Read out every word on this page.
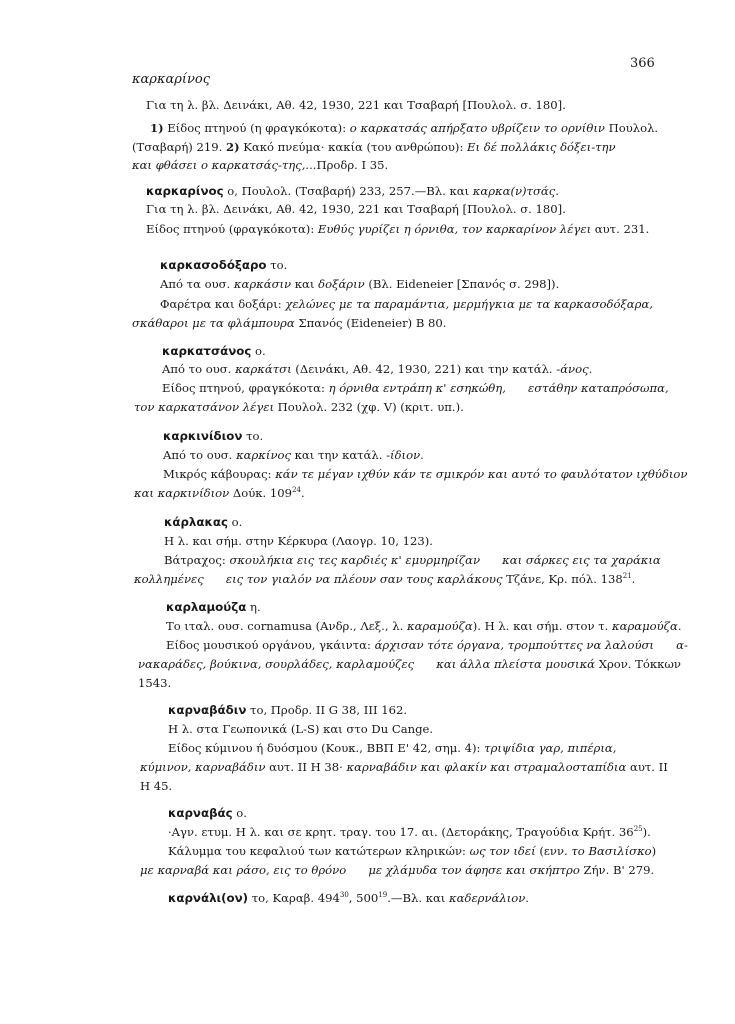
366
καρκαρίνος
Για τη λ. βλ. Δεινάκι, Αθ. 42, 1930, 221 και Τσαβαρή [Πουλολ. σ. 180].
1) Είδος πτηνού (η φραγκόκοτα): ο καρκατσάς απήρξατο υβρίζειν το ορνίθιν Πουλολ.
(Τσαβαρή) 219. 2) Κακό πνεύμα· κακία (του ανθρώπου): Ει δέ πολλάκις δόξει-την
και φθάσει ο καρκατσάς-της,...Προδρ. Ι 35.
καρκαρίνος ο, Πουλολ. (Τσαβαρή) 233, 257.—Βλ. και καρκα(ν)τσάς.
Για τη λ. βλ. Δεινάκι, Αθ. 42, 1930, 221 και Τσαβαρή [Πουλολ. σ. 180].
Είδος πτηνού (φραγκόκοτα): Ευθύς γυρίζει η όρνιθα, τον καρκαρίνον λέγει αυτ. 231.
καρκασοδόξαρο το.
Από τα ουσ. καρκάσιν και δοξάριν (Βλ. Eideneier [Σπανός σ. 298]).
Φαρέτρα και δοξάρι: χελώνες με τα παραμάντια, μερμήγκια με τα καρκασοδόξαρα,
σκάθαροι με τα φλάμπουρα Σπανός (Eideneier) Β 80.
καρκατσάνος ο.
Από το ουσ. καρκάτσι (Δεινάκι, Αθ. 42, 1930, 221) και την κατάλ. -άνος.
Είδος πτηνού, φραγκόκοτα: η όρνιθα εντράπη κ' εσηκώθη, εστάθην καταπρόσωπα,
τον καρκατσάνον λέγει Πουλολ. 232 (χφ. V) (κριτ. υπ.).
καρκινίδιον το.
Από το ουσ. καρκίνος και την κατάλ. -ίδιον.
Μικρός κάβουρας: κάν τε μέγαν ιχθύν κάν τε σμικρόν και αυτό το φαυλότατον ιχθύδιον
και καρκινίδιον Δούκ. $109^{24}$.
κάρλακας ο.
Η λ. και σήμ. στην Κέρκυρα (Λαογρ. 10, 123).
Βάτραχος: σκουλήκια εις τες καρδιές κ' εμυρμηρίζαν και σάρκες εις τα χαράκια
κολλημένες εις τον γιαλόν να πλέουν σαν τους καρλάκους Τζάνε, Κρ. πόλ. $138^{21}$.
καρλαμούζα η.
Το ιταλ. ουσ. cornamusa (Ανδρ., Λεξ., λ. καραμούζα). Η λ. και σήμ. στον τ. καραμούζα.
Είδος μουσικού οργάνου, γκάιντα: άρχισαν τότε όργανα, τρομπούττες να λαλούσι α-
νακαράδες, βούκινα, σουρλάδες, καρλαμούζες και άλλα πλείστα μουσικά Χρον. Τόκκων
1543.
καρναβάδιν το, Προδρ. ΙΙ G 38, ΙΙΙ 162.
Η λ. στα Γεωπονικά (L-S) και στο Du Cange.
Είδος κύμινου ή δυόσμου (Κουκ., ΒΒΠ Ε' 42, σημ. 4): τριψίδια γαρ, πιπέρια,
κύμινον, καρναβάδιν αυτ. ΙΙ Η 38· καρναβάδιν και φλακίν και στραμαλοσταπίδια αυτ. ΙΙ
Η 45.
καρναβάς ο.
·Αγν. ετυμ. Η λ. και σε κρητ. τραγ. του 17. αι. (Δετοράκης, Τραγούδια Κρήτ. $36^{25}$).
Κάλυμμα του κεφαλιού των κατώτερων κληρικών: ως τον ιδεί (ενν. το Βασιλίσκο)
με καρναβά και ράσο, εις το θρόνο με χλάμυδα τον άφησε και σκήπτρο Ζήν. Β' 279.
καρνάλι(ον) το, Καραβ. $494^{30}$, $500^{19}.—B\lambda$. και καδερνάλιον.
